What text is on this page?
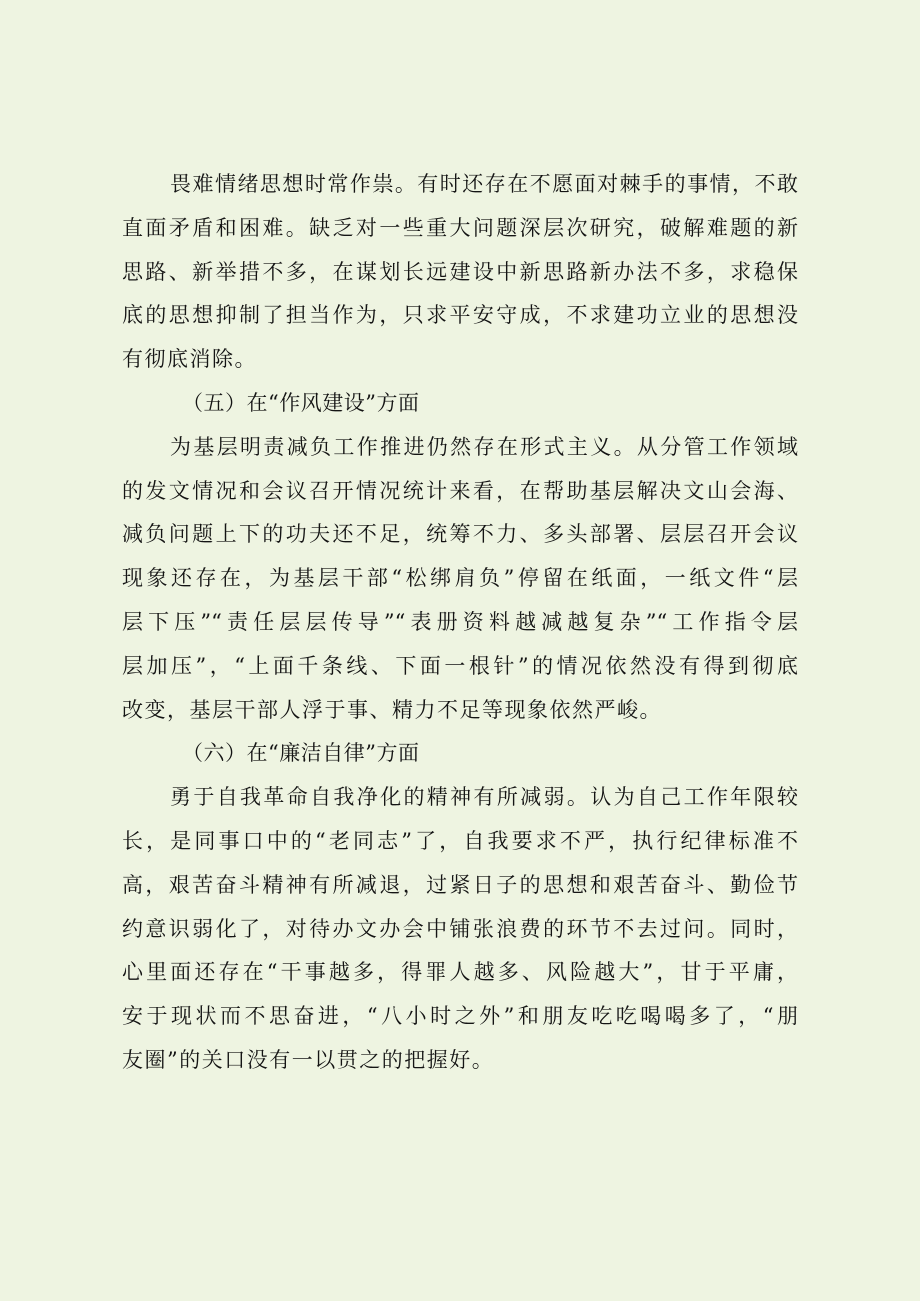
畏难情绪思想时常作祟。有时还存在不愿面对棘手的事情，不敢
直面矛盾和困难。缺乏对一些重大问题深层次研究，破解难题的新
思路、新举措不多，在谋划长远建设中新思路新办法不多，求稳保
底的思想抑制了担当作为，只求平安守成，不求建功立业的思想没
有彻底消除。
（五）在“作风建设”方面
为基层明责减负工作推进仍然存在形式主义。从分管工作领域
的发文情况和会议召开情况统计来看，在帮助基层解决文山会海、
减负问题上下的功夫还不足，统筹不力、多头部署、层层召开会议
现象还存在，为基层干部“松绑肩负”停留在纸面，一纸文件“层
层下压”“责任层层传导”“表册资料越减越复杂”“工作指令层
层加压”，“上面千条线、下面一根针”的情况依然没有得到彻底
改变，基层干部人浮于事、精力不足等现象依然严峻。
（六）在“廉洁自律”方面
勇于自我革命自我净化的精神有所减弱。认为自己工作年限较
长，是同事口中的“老同志”了，自我要求不严，执行纪律标准不
高，艰苦奋斗精神有所减退，过紧日子的思想和艰苦奋斗、勤俭节
约意识弱化了，对待办文办会中铺张浪费的环节不去过问。同时，
心里面还存在“干事越多，得罪人越多、风险越大”，甘于平庸，
安于现状而不思奋进，“八小时之外”和朋友吃吃喝喝多了，“朋
友圈”的关口没有一以贯之的把握好。
